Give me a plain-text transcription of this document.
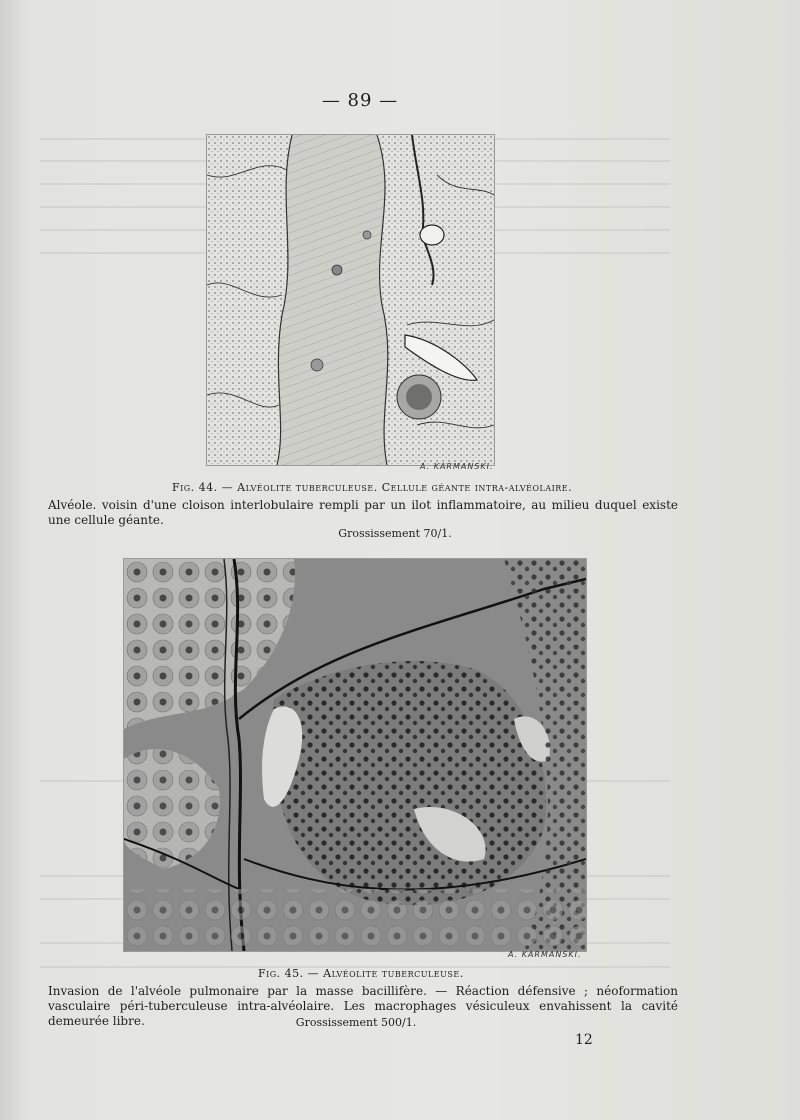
— 89 —
A. KARMANSKI.
Fig. 44. — Alvéolite tuberculeuse. Cellule géante intra-alvéolaire.
Alvéole. voisin d'une cloison interlobulaire rempli par un ilot inflammatoire, au milieu duquel existe une cellule géante.
Grossissement 70/1.
A. KARMANSKI.
Fig. 45. — Alvéolite tuberculeuse.
Invasion de l'alvéole pulmonaire par la masse bacillifère. — Réaction défensive ; néoformation vasculaire péri-tuberculeuse intra-alvéolaire. Les macrophages vésiculeux envahissent la cavité demeurée libre.	Grossissement 500/1.
12
